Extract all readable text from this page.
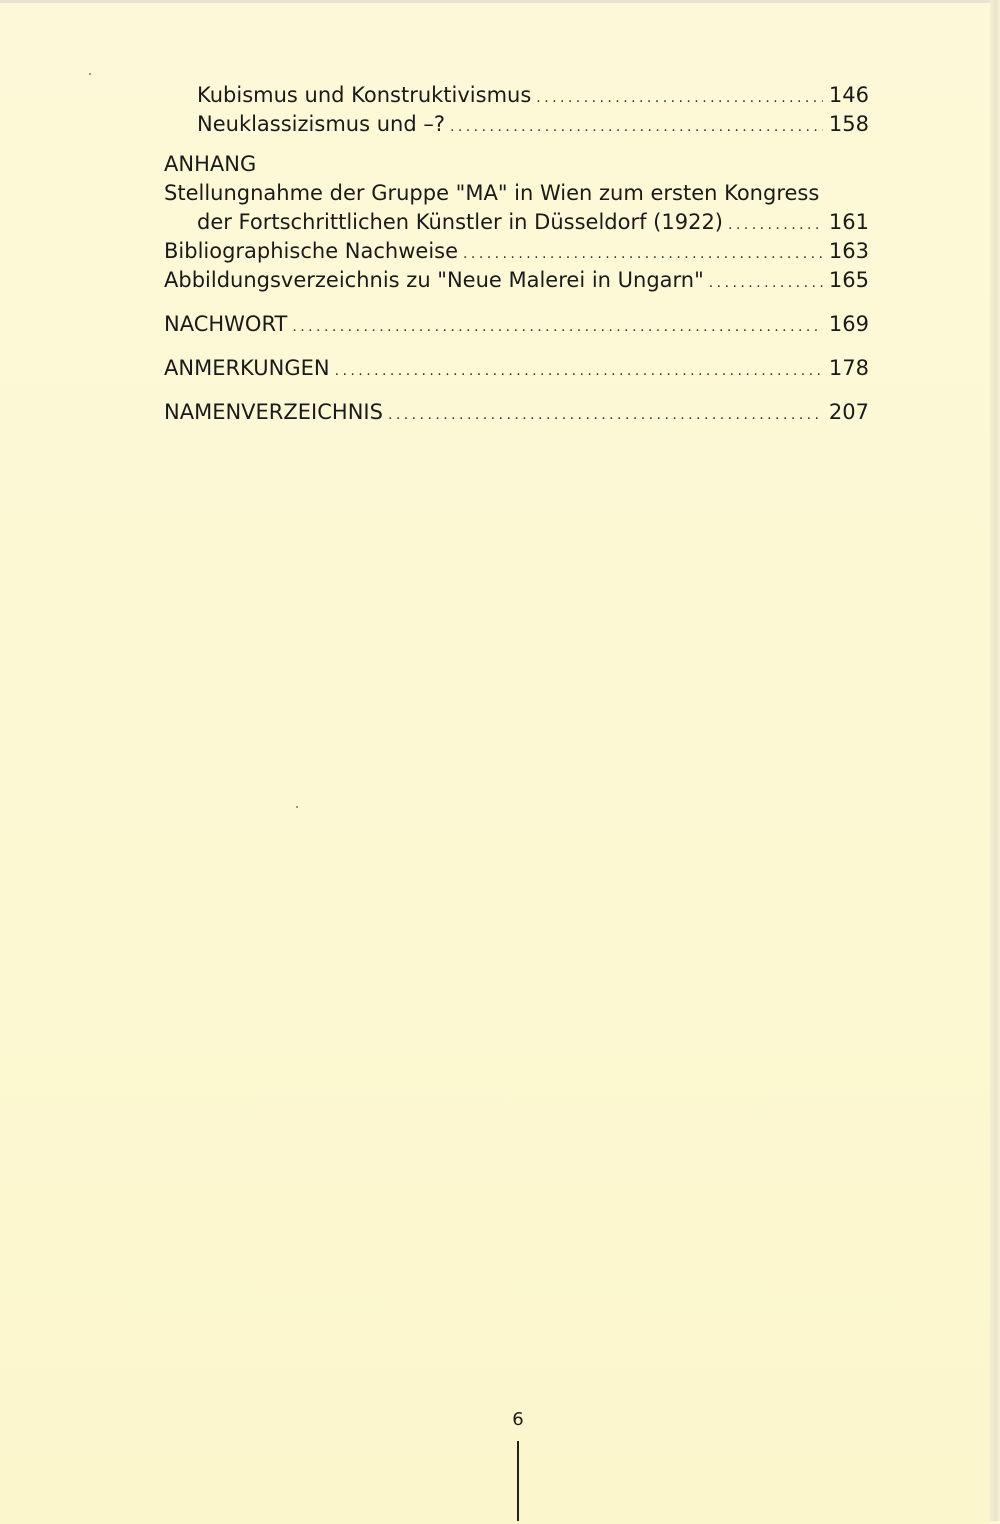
Kubismus und Konstruktivismus . . .	146
Neuklassizismus und –? . . .	158
ANHANG
Stellungnahme der Gruppe "MA" in Wien zum ersten Kongress
der Fortschrittlichen Künstler in Düsseldorf (1922) . . .	161
Bibliographische Nachweise . . .	163
Abbildungsverzeichnis zu "Neue Malerei in Ungarn" . . .	165
NACHWORT . . .	169
ANMERKUNGEN . . .	178
NAMENVERZEICHNIS . . .	207
6
